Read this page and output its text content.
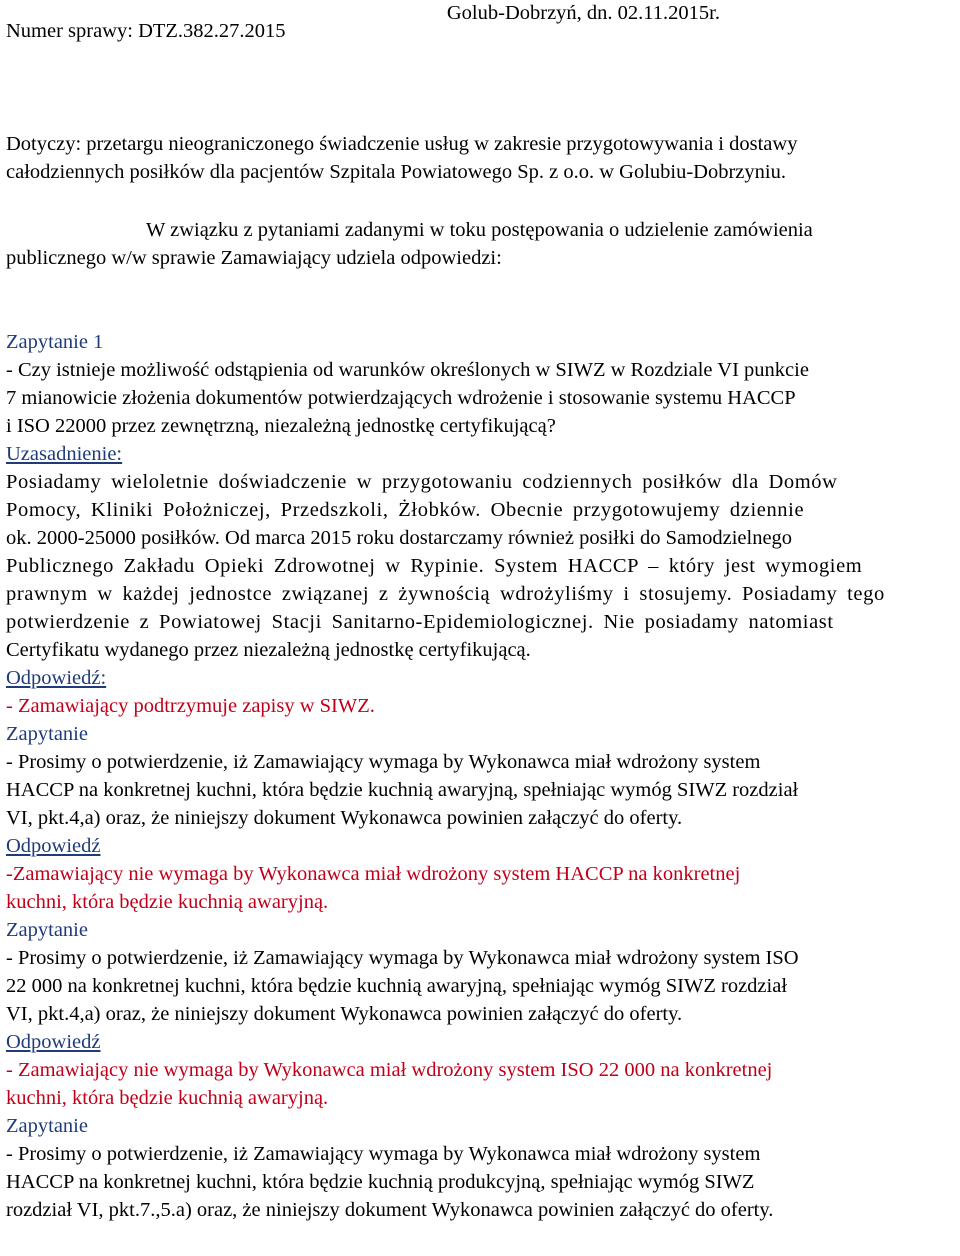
Numer sprawy: DTZ.382.27.2015
Golub-Dobrzyń, dn. 02.11.2015r.
Dotyczy: przetargu nieograniczonego świadczenie usług w zakresie przygotowywania i dostawy
całodziennych posiłków dla pacjentów Szpitala Powiatowego Sp. z o.o. w Golubiu-Dobrzyniu.
W związku z pytaniami zadanymi w toku postępowania o udzielenie zamówienia
publicznego w/w sprawie Zamawiający udziela odpowiedzi:
Zapytanie 1
- Czy istnieje możliwość odstąpienia od warunków określonych w SIWZ w Rozdziale VI punkcie
7 mianowicie złożenia dokumentów potwierdzających wdrożenie i stosowanie systemu HACCP
i ISO 22000 przez zewnętrzną, niezależną jednostkę certyfikującą?
Uzasadnienie:
Posiadamy wieloletnie doświadczenie w przygotowaniu codziennych posiłków dla Domów
Pomocy, Kliniki Położniczej, Przedszkoli, Żłobków. Obecnie przygotowujemy dziennie
ok. 2000-25000 posiłków. Od marca 2015 roku dostarczamy również posiłki do Samodzielnego
Publicznego Zakładu Opieki Zdrowotnej w Rypinie. System HACCP – który jest wymogiem
prawnym w każdej jednostce związanej z żywnością wdrożyliśmy i stosujemy. Posiadamy tego
potwierdzenie z Powiatowej Stacji Sanitarno-Epidemiologicznej. Nie posiadamy natomiast
Certyfikatu wydanego przez niezależną jednostkę certyfikującą.
Odpowiedź:
- Zamawiający podtrzymuje zapisy w SIWZ.
Zapytanie
- Prosimy o potwierdzenie, iż Zamawiający wymaga by Wykonawca miał wdrożony system
HACCP na konkretnej kuchni, która będzie kuchnią awaryjną, spełniając wymóg SIWZ rozdział
VI, pkt.4,a) oraz, że niniejszy dokument Wykonawca powinien załączyć do oferty.
Odpowiedź
-Zamawiający nie wymaga by Wykonawca miał wdrożony system HACCP na konkretnej
kuchni, która będzie kuchnią awaryjną.
Zapytanie
- Prosimy o potwierdzenie, iż Zamawiający wymaga by Wykonawca miał wdrożony system ISO
22 000 na konkretnej kuchni, która będzie kuchnią awaryjną, spełniając wymóg SIWZ rozdział
VI, pkt.4,a) oraz, że niniejszy dokument Wykonawca powinien załączyć do oferty.
Odpowiedź
- Zamawiający nie wymaga by Wykonawca miał wdrożony system ISO 22 000 na konkretnej
kuchni, która będzie kuchnią awaryjną.
Zapytanie
- Prosimy o potwierdzenie, iż Zamawiający wymaga by Wykonawca miał wdrożony system
HACCP na konkretnej kuchni, która będzie kuchnią produkcyjną, spełniając wymóg SIWZ
rozdział VI, pkt.7.,5.a) oraz, że niniejszy dokument Wykonawca powinien załączyć do oferty.
